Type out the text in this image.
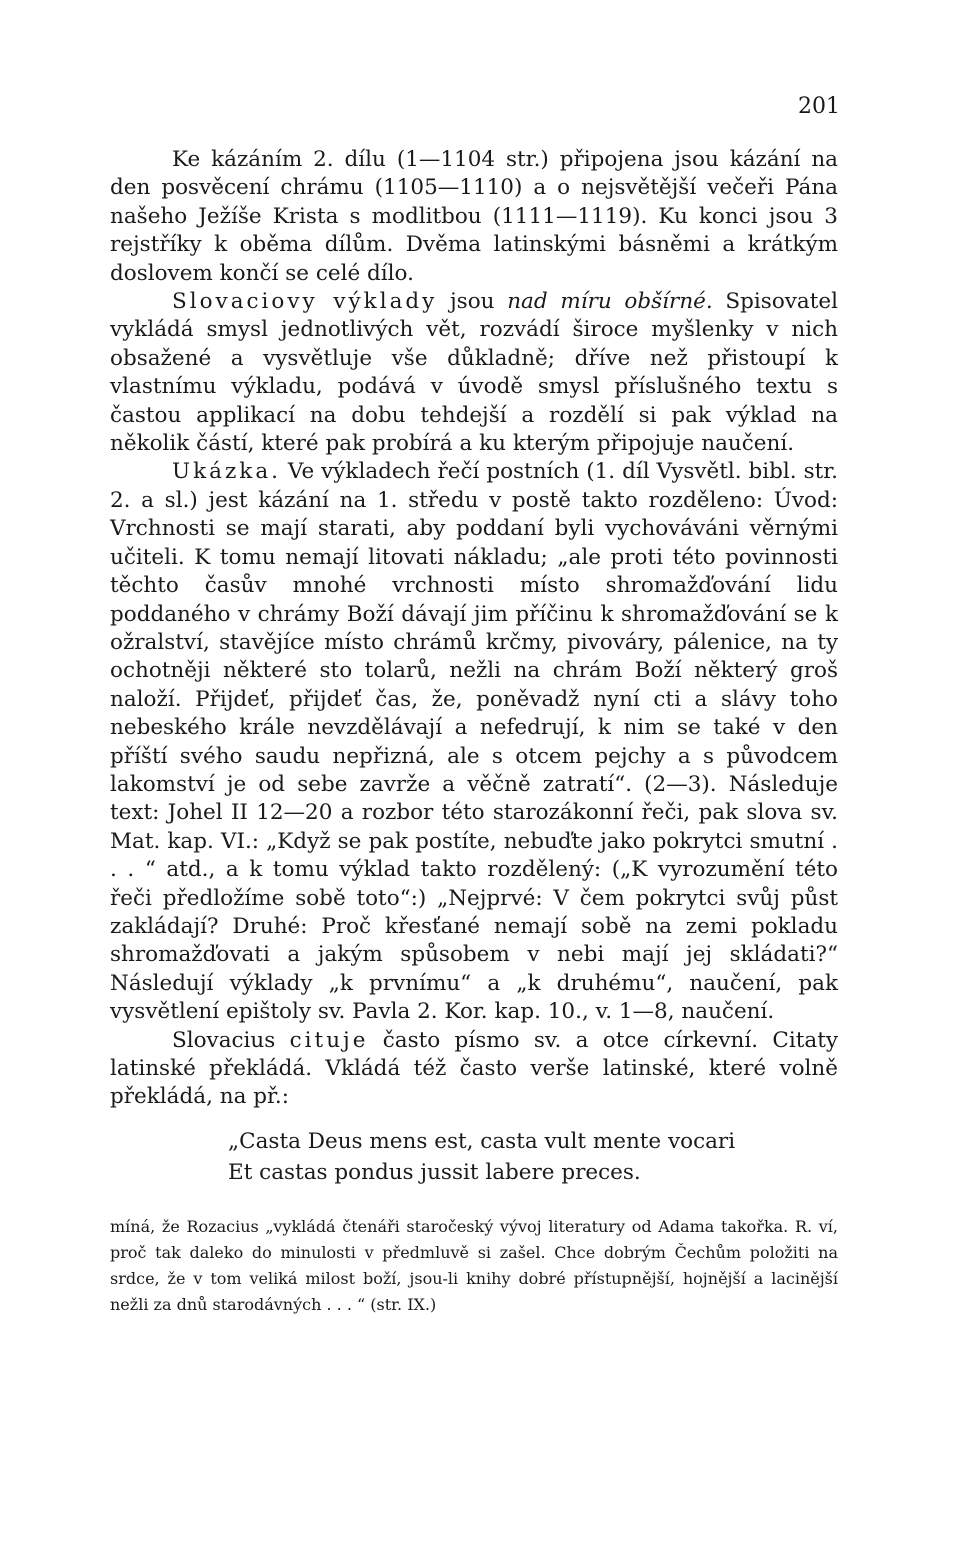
201

Ke kázáním 2. dílu (1—1104 str.) připojena jsou kázání na den posvěcení chrámu (1105—1110) a o nejsvětější večeři Pána našeho Ježíše Krista s modlitbou (1111—1119). Ku konci jsou 3 rejstříky k oběma dílům. Dvěma latinskými básněmi a krátkým doslovem končí se celé dílo.

Slovaciovy výklady jsou nad míru obšírné. Spisovatel vykládá smysl jednotlivých vět, rozvádí široce myšlenky v nich obsažené a vysvětluje vše důkladně; dříve než přistoupí k vlastnímu výkladu, podává v úvodě smysl příslušného textu s častou applikací na dobu tehdejší a rozdělí si pak výklad na několik částí, které pak probírá a ku kterým připojuje naučení.

Ukázka. Ve výkladech řečí postních (1. díl Vysvětl. bibl. str. 2. a sl.) jest kázání na 1. středu v postě takto rozděleno: Úvod: Vrchnosti se mají starati, aby poddaní byli vychováváni věrnými učiteli. K tomu nemají litovati nákladu; „ale proti této povinnosti těchto časův mnohé vrchnosti místo shromažďování lidu poddaného v chrámy Boží dávají jim příčinu k shromažďování se k ožralství, stavějíce místo chrámů krčmy, pivováry, pálenice, na ty ochotněji některé sto tolarů, nežli na chrám Boží některý groš naloží. Přijdeť, přijdeť čas, že, poněvadž nyní cti a slávy toho nebeského krále nevzdělávají a nefedrují, k nim se také v den příští svého saudu nepřizná, ale s otcem pejchy a s původcem lakomství je od sebe zavrže a věčně zatratí“. (2—3). Následuje text: Johel II 12—20 a rozbor této starozákonní řeči, pak slova sv. Mat. kap. VI.: „Když se pak postíte, nebuďte jako pokrytci smutní . . . “ atd., a k tomu výklad takto rozdělený: („K vyrozumění této řeči předložíme sobě toto“:) „Nejprvé: V čem pokrytci svůj půst zakládají? Druhé: Proč křesťané nemají sobě na zemi pokladu shromažďovati a jakým spůsobem v nebi mají jej skládati?“ Následují výklady „k prvnímu“ a „k druhému“, naučení, pak vysvětlení epištoly sv. Pavla 2. Kor. kap. 10., v. 1—8, naučení.

Slovacius cituje často písmo sv. a otce církevní. Citaty latinské překládá. Vkládá též často verše latinské, které volně překládá, na př.:

„Casta Deus mens est, casta vult mente vocari
Et castas pondus jussit labere preces.

míná, že Rozacius „vykládá čtenáři staročeský vývoj literatury od Adama takořka. R. ví, proč tak daleko do minulosti v předmluvě si zašel. Chce dobrým Čechům položiti na srdce, že v tom veliká milost boží, jsou-li knihy dobré přístupnější, hojnější a lacinější nežli za dnů starodávných . . . “ (str. IX.)
